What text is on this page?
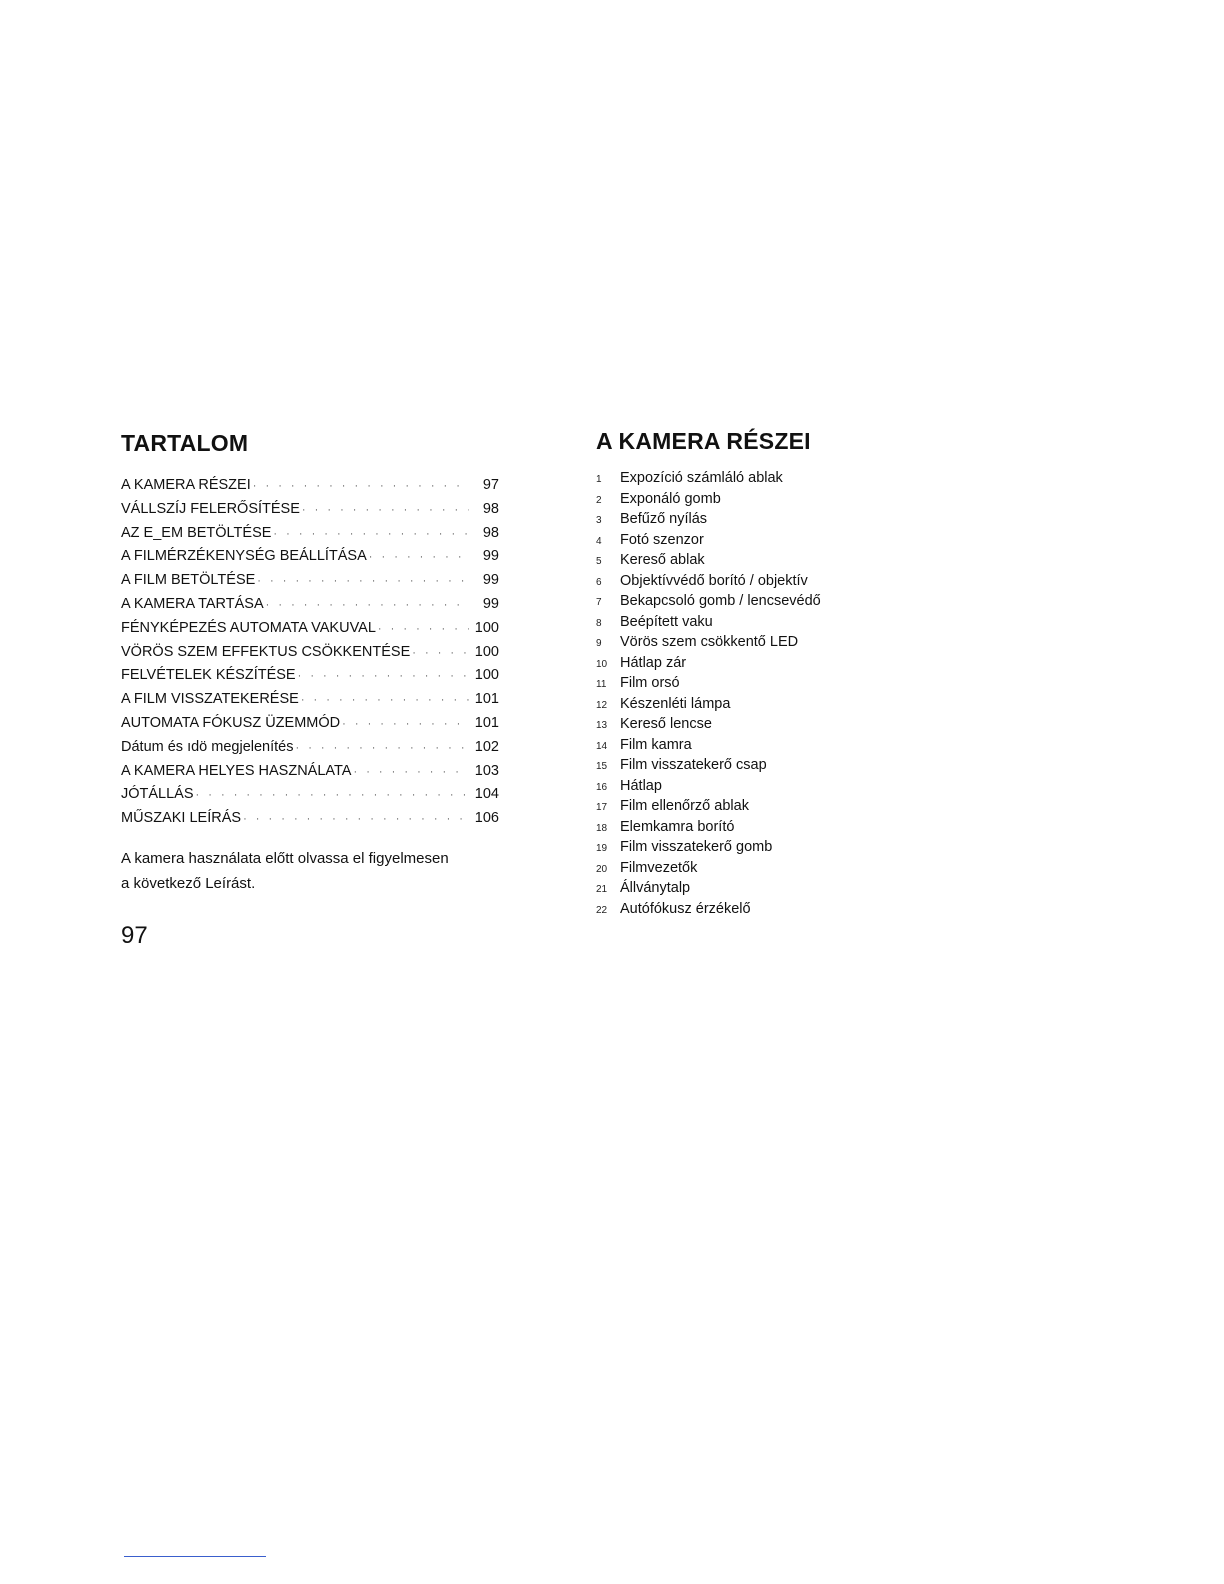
TARTALOM
A KAMERA RÉSZEI · · ·	97
VÁLLSZÍJ FELERŐSÍTÉSE · · ·	98
AZ E_EM BETÖLTÉSE · · ·	98
A FILMÉRZÉKENYSÉG BEÁLLÍTÁSA · · ·	99
A FILM BETÖLTÉSE · · ·	99
A KAMERA TARTÁSA · · ·	99
FÉNYKÉPEZÉS AUTOMATA VAKUVAL · · ·	100
VÖRÖS SZEM EFFEKTUS CSÖKKENTÉSE · · ·	100
FELVÉTELEK KÉSZÍTÉSE · · ·	100
A FILM VISSZATEKERÉSE · · ·	101
AUTOMATA FÓKUSZ ÜZEMMÓD · · ·	101
Dátum és ıdö megjelenítés · · ·	102
A KAMERA HELYES HASZNÁLATA · · ·	103
JÓTÁLLÁS · · ·	104
MŰSZAKI LEÍRÁS · · ·	106
A kamera használata előtt olvassa el figyelmesen a következő Leírást.
97
A KAMERA RÉSZEI
1	Expozíció számláló ablak
2	Exponáló gomb
3	Befűző nyílás
4	Fotó szenzor
5	Kereső ablak
6	Objektívvédő borító / objektív
7	Bekapcsoló gomb / lencsevédő
8	Beépített vaku
9	Vörös szem csökkentő LED
10 Hátlap zár
11 Film orsó
12 Készenléti lámpa
13 Kereső lencse
14 Film kamra
15 Film visszatekerő csap
16 Hátlap
17 Film ellenőrző ablak
18 Elemkamra borító
19 Film visszatekerő gomb
20 Filmvezetők
21 Állványtalp
22 Autófókusz érzékelő
